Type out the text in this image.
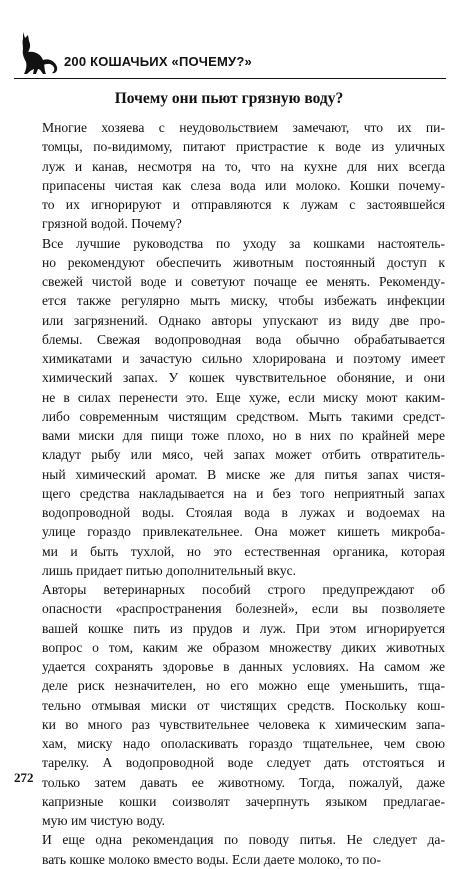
200 КОШАЧЬИХ «ПОЧЕМУ?»
Почему они пьют грязную воду?
Многие хозяева с неудовольствием замечают, что их пи-
томцы, по-видимому, питают пристрастие к воде из уличных
луж и канав, несмотря на то, что на кухне для них всегда
припасены чистая как слеза вода или молоко. Кошки почему-
то их игнорируют и отправляются к лужам с застоявшейся
грязной водой. Почему?
Все лучшие руководства по уходу за кошками настоятель-
но рекомендуют обеспечить животным постоянный доступ к
свежей чистой воде и советуют почаще ее менять. Рекоменду-
ется также регулярно мыть миску, чтобы избежать инфекции
или загрязнений. Однако авторы упускают из виду две про-
блемы. Свежая водопроводная вода обычно обрабатывается
химикатами и зачастую сильно хлорирована и поэтому имеет
химический запах. У кошек чувствительное обоняние, и они
не в силах перенести это. Еще хуже, если миску моют каким-
либо современным чистящим средством. Мыть такими средст-
вами миски для пищи тоже плохо, но в них по крайней мере
кладут рыбу или мясо, чей запах может отбить отвратитель-
ный химический аромат. В миске же для питья запах чистя-
щего средства накладывается на и без того неприятный запах
водопроводной воды. Стоялая вода в лужах и водоемах на
улице гораздо привлекательнее. Она может кишеть микроба-
ми и быть тухлой, но это естественная органика, которая
лишь придает питью дополнительный вкус.
Авторы ветеринарных пособий строго предупреждают об
опасности «распространения болезней», если вы позволяете
вашей кошке пить из прудов и луж. При этом игнорируется
вопрос о том, каким же образом множеству диких животных
удается сохранять здоровье в данных условиях. На самом же
деле риск незначителен, но его можно еще уменьшить, тща-
тельно отмывая миски от чистящих средств. Поскольку кош-
ки во много раз чувствительнее человека к химическим запа-
хам, миску надо ополаскивать гораздо тщательнее, чем свою
тарелку. А водопроводной воде следует дать отстояться и
только затем давать ее животному. Тогда, пожалуй, даже
капризные кошки соизволят зачерпнуть языком предлагае-
мую им чистую воду.
И еще одна рекомендация по поводу питья. Не следует да-
вать кошке молоко вместо воды. Если даете молоко, то по-
272
